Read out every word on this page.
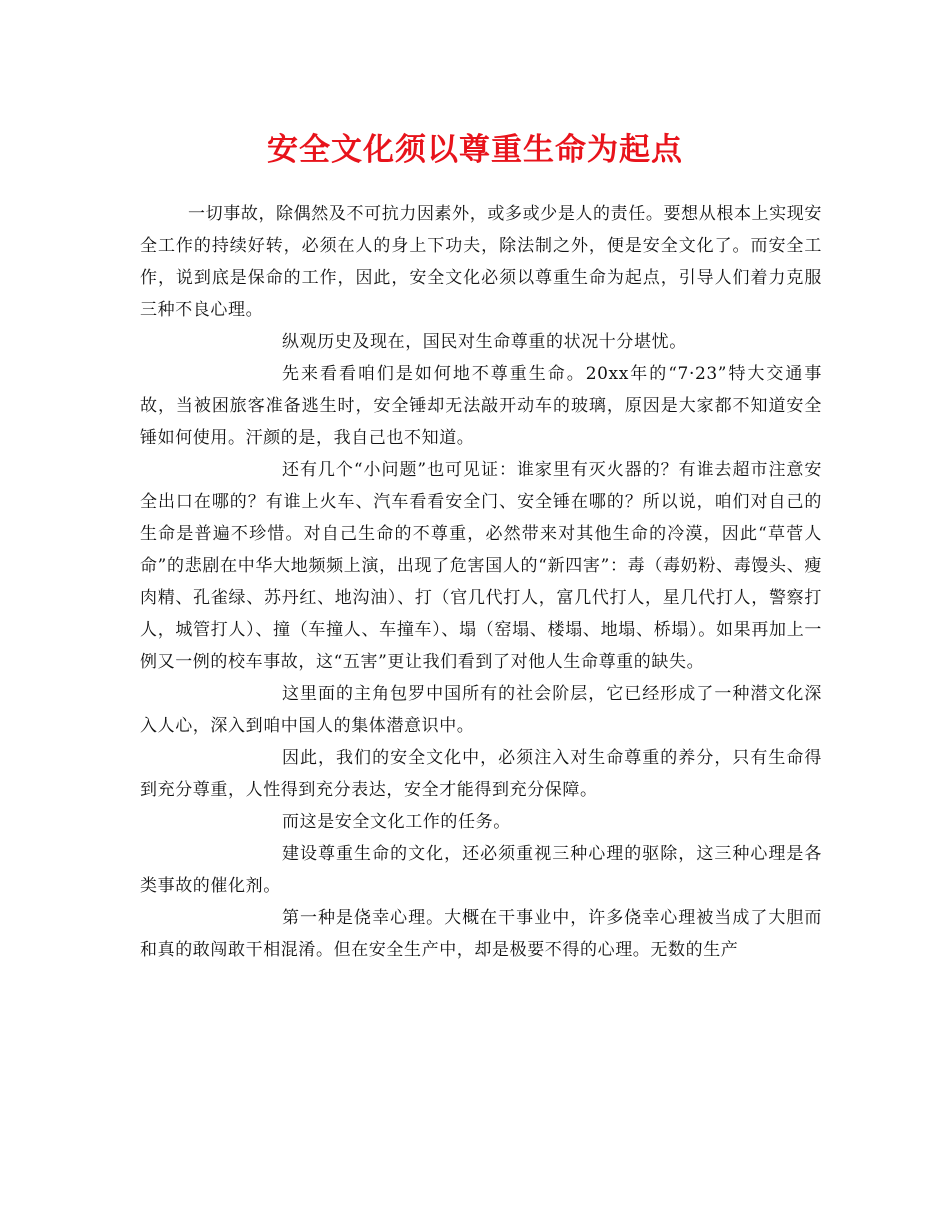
安全文化须以尊重生命为起点

一切事故，除偶然及不可抗力因素外，或多或少是人的责任。要想从根本上实现安全工作的持续好转，必须在人的身上下功夫，除法制之外，便是安全文化了。而安全工作，说到底是保命的工作，因此，安全文化必须以尊重生命为起点，引导人们着力克服三种不良心理。

纵观历史及现在，国民对生命尊重的状况十分堪忧。

先来看看咱们是如何地不尊重生命。20xx年的“7·23”特大交通事故，当被困旅客准备逃生时，安全锤却无法敲开动车的玻璃，原因是大家都不知道安全锤如何使用。汗颜的是，我自己也不知道。

还有几个“小问题”也可见证：谁家里有灭火器的？有谁去超市注意安全出口在哪的？有谁上火车、汽车看看安全门、安全锤在哪的？所以说，咱们对自己的生命是普遍不珍惜。对自己生命的不尊重，必然带来对其他生命的冷漠，因此“草菅人命”的悲剧在中华大地频频上演，出现了危害国人的“新四害”：毒（毒奶粉、毒馒头、瘦肉精、孔雀绿、苏丹红、地沟油）、打（官几代打人，富几代打人，星几代打人，警察打人，城管打人）、撞（车撞人、车撞车）、塌（窑塌、楼塌、地塌、桥塌）。如果再加上一例又一例的校车事故，这“五害”更让我们看到了对他人生命尊重的缺失。

这里面的主角包罗中国所有的社会阶层，它已经形成了一种潜文化深入人心，深入到咱中国人的集体潜意识中。

因此，我们的安全文化中，必须注入对生命尊重的养分，只有生命得到充分尊重，人性得到充分表达，安全才能得到充分保障。

而这是安全文化工作的任务。

建设尊重生命的文化，还必须重视三种心理的驱除，这三种心理是各类事故的催化剂。

第一种是侥幸心理。大概在干事业中，许多侥幸心理被当成了大胆而和真的敢闯敢干相混淆。但在安全生产中，却是极要不得的心理。无数的生产
